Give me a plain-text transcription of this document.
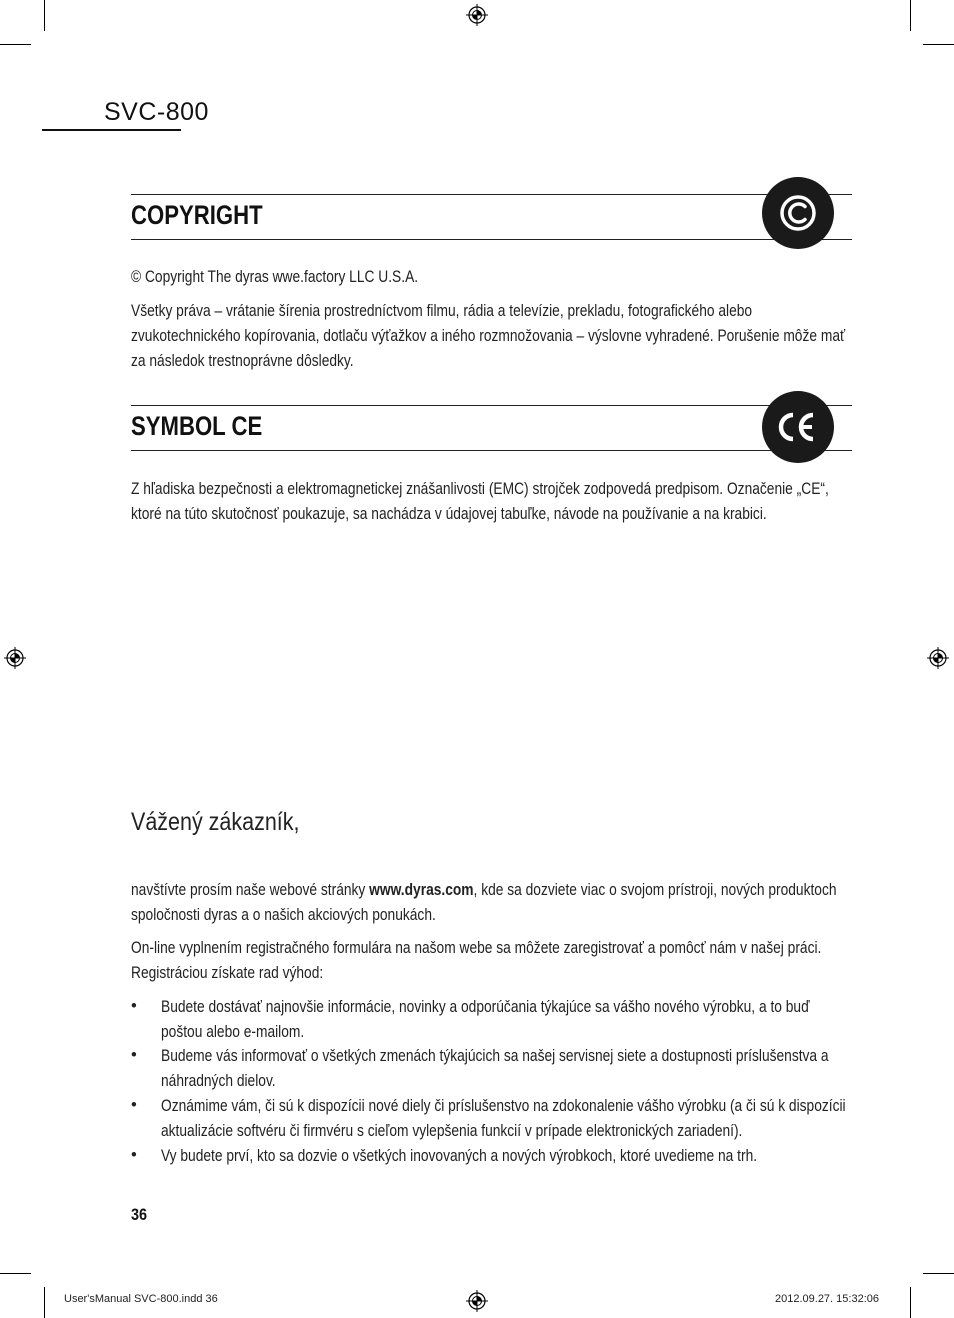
SVC-800
COPYRIGHT
© Copyright The dyras wwe.factory LLC U.S.A.
Všetky práva – vrátanie šírenia prostredníctvom filmu, rádia a televízie, prekladu, fotografického alebo zvukotechnického kopírovania, dotlaču výťažkov a iného rozmnožovania – výslovne vyhradené. Porušenie môže mať za následok trestnoprávne dôsledky.
SYMBOL CE
Z hľadiska bezpečnosti a elektromagnetickej znášanlivosti (EMC) strojček zodpovedá predpisom. Označenie „CE“, ktoré na túto skutočnosť poukazuje, sa nachádza v údajovej tabuľke, návode na používanie a na krabici.
Vážený zákazník,
navštívte prosím naše webové stránky www.dyras.com, kde sa dozviete viac o svojom prístroji, nových produktoch spoločnosti dyras a o našich akciových ponukách.
On-line vyplnením registračného formulára na našom webe sa môžete zaregistrovať a pomôcť nám v našej práci. Registráciou získate rad výhod:
• Budete dostávať najnovšie informácie, novinky a odporúčania týkajúce sa vášho nového výrobku, a to buď poštou alebo e-mailom.
• Budeme vás informovať o všetkých zmenách týkajúcich sa našej servisnej siete a dostupnosti príslušenstva a náhradných dielov.
• Oznámime vám, či sú k dispozícii nové diely či príslušenstvo na zdokonalenie vášho výrobku (a či sú k dispozícii aktualizácie softvéru či firmvéru s cieľom vylepšenia funkcií v prípade elektronických zariadení).
• Vy budete prví, kto sa dozvie o všetkých inovovaných a nových výrobkoch, ktoré uvedieme na trh.
36
User'sManual SVC-800.indd 36	2012.09.27. 15:32:06
